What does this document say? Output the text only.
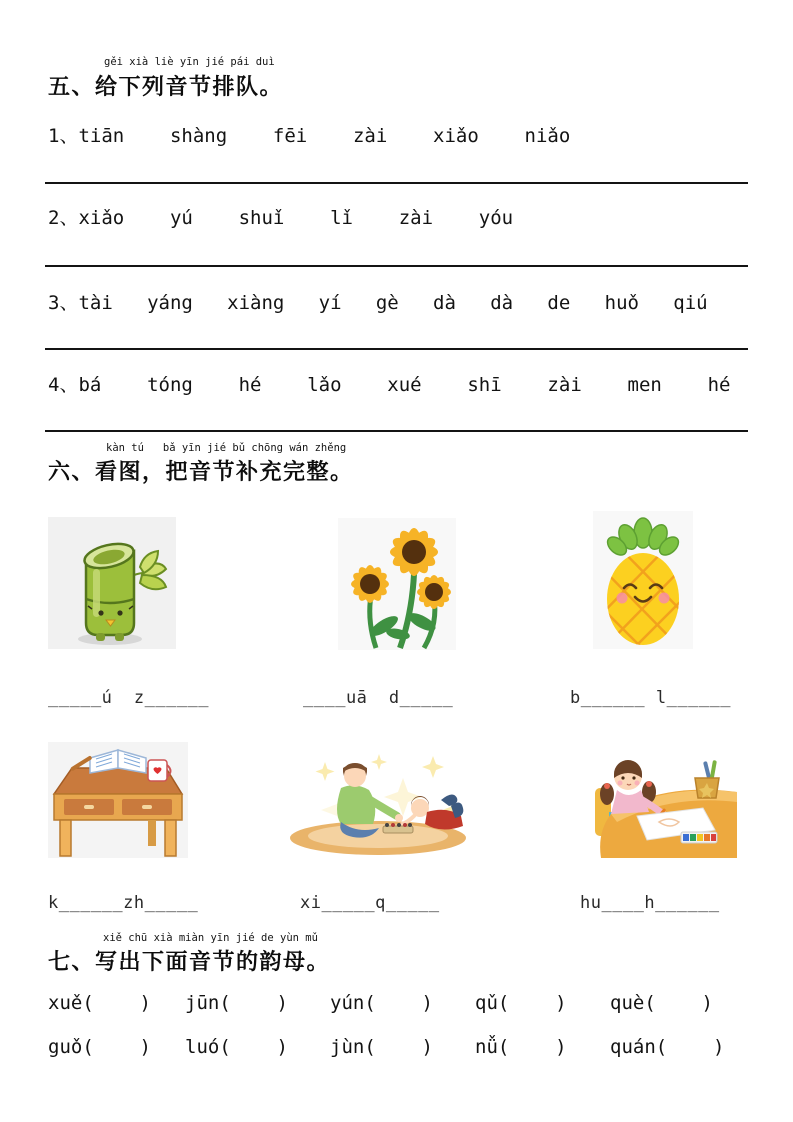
gěi xià liè yīn jié pái duì
五、给下列音节排队。
1、tiān    shàng    fēi    zài    xiǎo    niǎo
2、xiǎo    yú    shuǐ    lǐ    zài    yóu
3、tài   yáng   xiàng   yí   gè   dà   dà   de   huǒ   qiú
4、bá    tóng    hé    lǎo    xué    shī    zài    men    hé
kàn tú   bǎ yīn jié bǔ chōng wán zhěng
六、看图，把音节补充完整。
_____ú  z______	____uā  d_____	b______ l______
k______zh_____	xi_____q_____	hu____h______
xiě chū xià miàn yīn jié de yùn mǔ
七、写出下面音节的韵母。
xuě(    )	jūn(    )	yún(    )	qǔ(    )	què(    )
guǒ(    )	luó(    )	jùn(    )	nǚ(    )	quán(    )
